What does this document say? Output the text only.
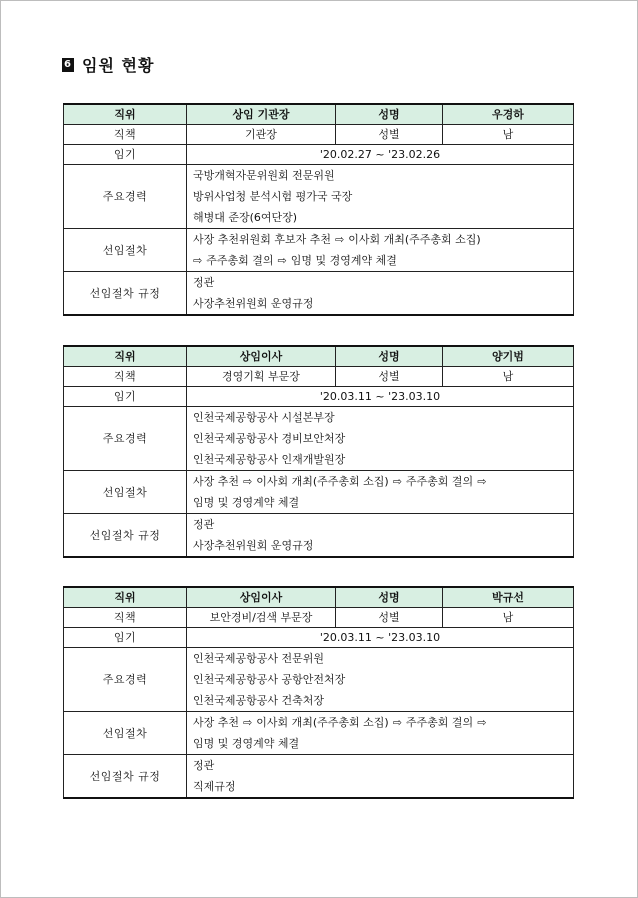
6 임원 현황
직위	상임 기관장	성명	우경하
직책	기관장	성별	남
임기	'20.02.27 ~ '23.02.26		
주요경력	국방개혁자문위원회 전문위원
방위사업청 분석시험 평가국 국장
해병대 준장(6여단장)		

선임절차	사장 추천위원회 후보자 추천 ⇨ 이사회 개최(주주총회 소집)
⇨ 주주총회 결의 ⇨ 임명 및 경영계약 체결		

선임절차 규정	정관
사장추천위원회 운영규정		
직위	상임이사	성명	양기범
직책	경영기획 부문장	성별	남
임기	'20.03.11 ~ '23.03.10		
주요경력	인천국제공항공사 시설본부장
인천국제공항공사 경비보안처장
인천국제공항공사 인재개발원장		

선임절차	사장 추천 ⇨ 이사회 개최(주주총회 소집) ⇨ 주주총회 결의 ⇨
임명 및 경영계약 체결		

선임절차 규정	정관
사장추천위원회 운영규정		
직위	상임이사	성명	박규선
직책	보안경비/검색 부문장	성별	남
임기	'20.03.11 ~ '23.03.10		
주요경력	인천국제공항공사 전문위원
인천국제공항공사 공항안전처장
인천국제공항공사 건축처장		

선임절차	사장 추천 ⇨ 이사회 개최(주주총회 소집) ⇨ 주주총회 결의 ⇨
임명 및 경영계약 체결		

선임절차 규정	정관
직제규정		
